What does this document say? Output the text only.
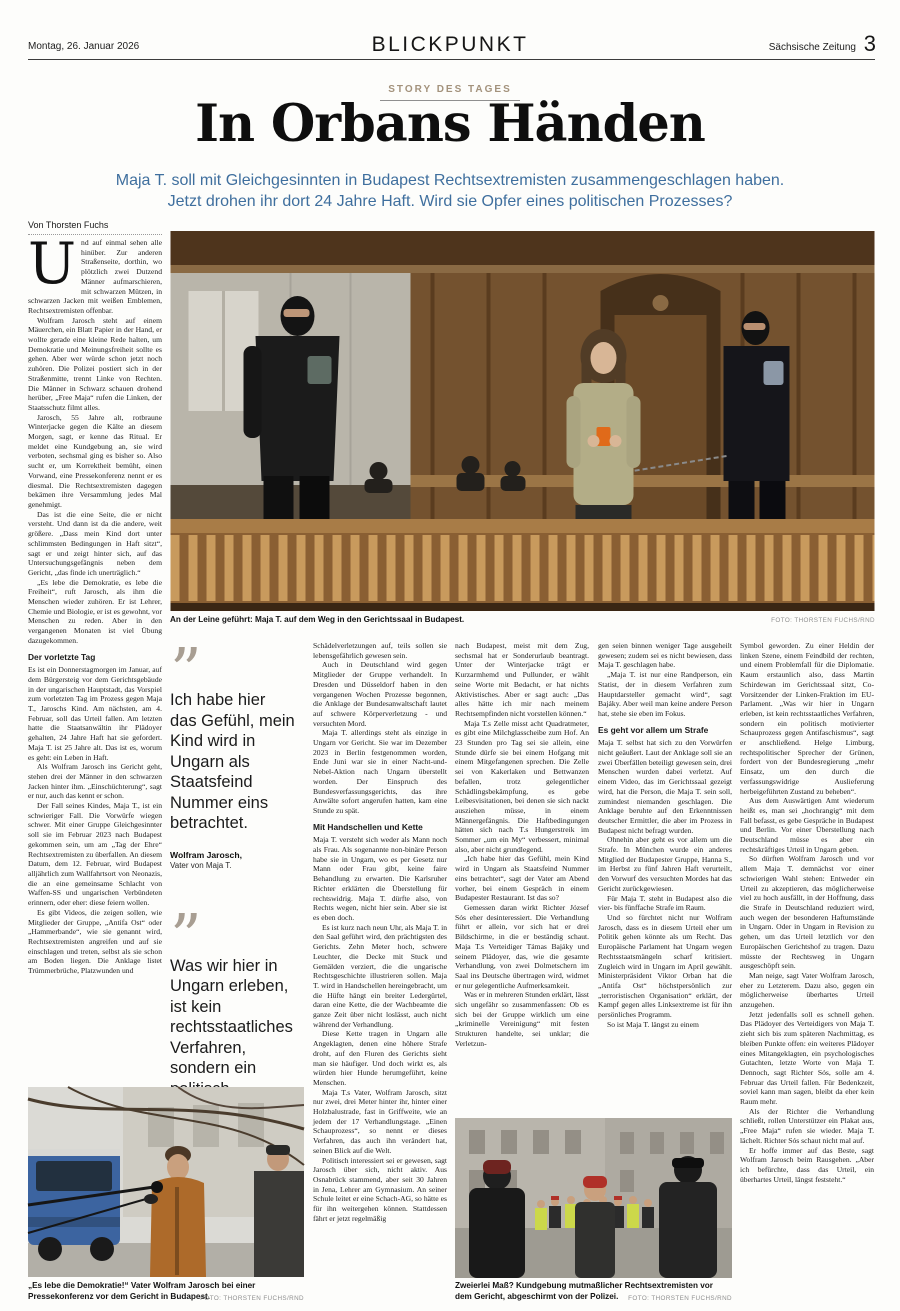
Montag, 26. Januar 2026	BLICKPUNKT	Sächsische Zeitung 3
STORY DES TAGES
In Orbans Händen
Maja T. soll mit Gleichgesinnten in Budapest Rechtsextremisten zusammengeschlagen haben.
Jetzt drohen ihr dort 24 Jahre Haft. Wird sie Opfer eines politischen Prozesses?
Von Thorsten Fuchs
An der Leine geführt: Maja T. auf dem Weg in den Gerichtssaal in Budapest.	FOTO: THORSTEN FUCHS/RND

Und auf einmal sehen alle hinüber. Zur anderen Straßenseite, dorthin, wo plötzlich zwei Dutzend Männer aufmarschieren, mit schwarzen Mützen, in schwarzen Jacken mit weißen Emblemen, Rechtsextremisten offenbar.

Wolfram Jarosch steht auf einem Mäuerchen, ein Blatt Papier in der Hand, er wollte gerade eine kleine Rede halten, um Demokratie und Meinungsfreiheit sollte es gehen. Aber wer würde schon jetzt noch zuhören. Die Polizei postiert sich in der Straßenmitte, trennt Linke von Rechten. Die Männer in Schwarz schauen drohend herüber, „Free Maja“ rufen die Linken, der Staatsschutz filmt alles.

Jarosch, 55 Jahre alt, rotbraune Winterjacke gegen die Kälte an diesem Morgen, sagt, er kenne das Ritual. Er meldet eine Kundgebung an, sie wird verboten, sechsmal ging es bisher so. Also sucht er, um Korrektheit bemüht, einen Vorwand, eine Pressekonferenz nennt er es diesmal. Die Rechtsextremisten dagegen bekämen ihre Versammlung jedes Mal genehmigt.

Das ist die eine Seite, die er nicht versteht. Und dann ist da die andere, weit größere. „Dass mein Kind dort unter schlimmsten Bedingungen in Haft sitzt“, sagt er und zeigt hinter sich, auf das Untersuchungsgefängnis neben dem Gericht, „das finde ich unerträglich.“

„Es lebe die Demokratie, es lebe die Freiheit“, ruft Jarosch, als ihm die Menschen wieder zuhören. Er ist Lehrer, Chemie und Biologie, er ist es gewohnt, vor Menschen zu reden. Aber in den vergangenen Monaten ist viel Übung dazugekommen.

Der vorletzte Tag

Es ist ein Donnerstagmorgen im Januar, auf dem Bürgersteig vor dem Gerichtsgebäude in der ungarischen Hauptstadt, das Vorspiel zum vorletzten Tag im Prozess gegen Maja T., Jaroschs Kind. Am nächsten, am 4. Februar, soll das Urteil fallen. Am letzten hatte die Staatsanwältin ihr Plädoyer gehalten, 24 Jahre Haft hat sie gefordert. Maja T. ist 25 Jahre alt. Das ist es, worum es geht: ein Leben in Haft.

Als Wolfram Jarosch ins Gericht geht, stehen drei der Männer in den schwarzen Jacken hinter ihm. „Einschüchterung“, sagt er nur, auch das kennt er schon.

Der Fall seines Kindes, Maja T., ist ein schwieriger Fall. Die Vorwürfe wiegen schwer. Mit einer Gruppe Gleichgesinnter soll sie im Februar 2023 nach Budapest gekommen sein, um am „Tag der Ehre“ Rechtsextremisten zu überfallen. An diesem Datum, dem 12. Februar, wird Budapest alljährlich zum Wallfahrtsort von Neonazis, die an eine gemeinsame Schlacht von Waffen-SS und ungarischen Verbündeten erinnern, oder eher: diese feiern wollen.

Es gibt Videos, die zeigen sollen, wie Mitglieder der Gruppe, „Antifa Ost“ oder „Hammerbande“, wie sie genannt wird, Rechtsextremisten angreifen und auf sie einschlagen und treten, selbst als sie schon am Boden liegen. Die Anklage listet Trümmerbrüche, Platzwunden und

”
Ich habe hier das Gefühl, mein Kind wird in Ungarn als Staatsfeind Nummer eins betrachtet.
Wolfram Jarosch,
Vater von Maja T.
”
Was wir hier in Ungarn erleben, ist kein rechtsstaatliches Verfahren, sondern ein

Schädelverletzungen auf, teils sollen sie lebensgefährlich gewesen sein.

Auch in Deutschland wird gegen Mitglieder der Gruppe verhandelt. In Dresden und Düsseldorf haben in den vergangenen Wochen Prozesse begonnen, die Anklage der Bundesanwaltschaft lautet auf schwere Körperverletzung - und versuchten Mord.

Maja T. allerdings steht als einzige in Ungarn vor Gericht. Sie war im Dezember 2023 in Berlin festgenommen worden, Ende Juni war sie in einer Nacht-und-Nebel-Aktion nach Ungarn überstellt worden. Der Einspruch des Bundesverfassungsgerichts, das ihre Anwälte sofort angerufen hatten, kam eine Stunde zu spät.

Mit Handschellen und Kette

Maja T. versteht sich weder als Mann noch als Frau. Als sogenannte non-binäre Person habe sie in Ungarn, wo es per Gesetz nur Mann oder Frau gibt, keine faire Behandlung zu erwarten. Die Karlsruher Richter erklärten die Überstellung für rechtswidrig. Maja T. dürfte also, von Rechts wegen, nicht hier sein. Aber sie ist es eben doch.

Es ist kurz nach neun Uhr, als Maja T. in den Saal geführt wird, den prächtigsten des Gerichts. Zehn Meter hoch, schwere Leuchter, die Decke mit Stuck und Gemälden verziert, die die ungarische Rechtsgeschichte illustrieren sollen. Maja T. wird in Handschellen hereingebracht, um die Hüfte hängt ein breiter Ledergürtel, daran eine Kette, die der Wachbeamte die ganze Zeit über nicht loslässt, auch nicht während der Verhandlung.

Diese Kette tragen in Ungarn alle Angeklagten, denen eine höhere Strafe droht, auf den Fluren des Gerichts sieht man sie häufiger. Und doch wirkt es, als würden hier Hunde herumgeführt, keine Menschen.

Maja T.s Vater, Wolfram Jarosch, sitzt nur zwei, drei Meter hinter ihr, hinter einer Holzbalustrade, fast in Griffweite, wie an jedem der 17 Verhandlungstage. „Einen Schauprozess“, so nennt er dieses Verfahren, das auch ihn verändert hat, seinen Blick auf die Welt.

Politisch interessiert sei er gewesen, sagt Jarosch über sich, nicht aktiv. Aus Osnabrück stammend, aber seit 30 Jahren in Jena, Lehrer am Gymnasium. An seiner Schule leitet er eine Schach-AG, so hätte es für ihn weitergehen können. Stattdessen fährt er jetzt regelmäßig

nach Budapest, meist mit dem Zug, sechsmal hat er Sonderurlaub beantragt. Unter der Winterjacke trägt er Kurzarmhemd und Pullunder, er wählt seine Worte mit Bedacht, er hat nichts Aktivistisches. Aber er sagt auch: „Das alles hätte ich mir nach meinem Rechtsempfinden nicht vorstellen können.“

Maja T.s Zelle misst acht Quadratmeter, es gibt eine Milchglasscheibe zum Hof. An 23 Stunden pro Tag sei sie allein, eine Stunde dürfe sie bei einem Hofgang mit einem Mitgefangenen sprechen. Die Zelle sei von Kakerlaken und Bettwanzen befallen, trotz gelegentlicher Schädlingsbekämpfung, es gebe Leibesvisitationen, bei denen sie sich nackt ausziehen müsse, in einem Männergefängnis. Die Haftbedingungen hätten sich nach T.s Hungerstreik im Sommer „um ein My“ verbessert, minimal also, aber nicht grundlegend.

„Ich habe hier das Gefühl, mein Kind wird in Ungarn als Staatsfeind Nummer eins betrachtet“, sagt der Vater am Abend vorher, bei einem Gespräch in einem Budapester Restaurant. Ist das so?

Gemessen daran wirkt Richter József Sós eher desinteressiert. Die Verhandlung führt er allein, vor sich hat er drei Bildschirme, in die er beständig schaut. Maja T.s Verteidiger Támas Bajáky und seinem Plädoyer, das, wie die gesamte Verhandlung, von zwei Dolmetschern im Saal ins Deutsche übertragen wird, widmet er nur gelegentliche Aufmerksamkeit.

Was er in mehreren Stunden erklärt, lässt sich ungefähr so zusammenfassen: Ob es sich bei der Gruppe wirklich um eine „kriminelle Vereinigung“ mit festen Strukturen handelte, sei unklar; die Verletzun-

gen seien binnen weniger Tage ausgeheilt gewesen; zudem sei es nicht bewiesen, dass Maja T. geschlagen habe.

„Maja T. ist nur eine Randperson, ein Statist, der in diesem Verfahren zum Hauptdarsteller gemacht wird“, sagt Bajáky. Aber weil man keine andere Person hat, stehe sie eben im Fokus.

Es geht vor allem um Strafe

Maja T. selbst hat sich zu den Vorwürfen nicht geäußert. Laut der Anklage soll sie an zwei Überfällen beteiligt gewesen sein, drei Menschen wurden dabei verletzt. Auf einem Video, das im Gerichtssaal gezeigt wird, hat die Person, die Maja T. sein soll, zumindest niemanden geschlagen. Die Anklage beruhte auf den Erkenntnissen deutscher Ermittler, die aber im Prozess in Budapest nicht befragt wurden.

Ohnehin aber geht es vor allem um die Strafe. In München wurde ein anderes Mitglied der Budapester Gruppe, Hanna S., im Herbst zu fünf Jahren Haft verurteilt, den Vorwurf des versuchten Mordes hat das Gericht zurückgewiesen.

Für Maja T. steht in Budapest also die vier- bis fünffache Strafe im Raum.

Und so fürchtet nicht nur Wolfram Jarosch, dass es in diesem Urteil eher um Politik gehen könnte als um Recht. Das Europäische Parlament hat Ungarn wegen Rechtsstaatsmängeln scharf kritisiert. Zugleich wird in Ungarn im April gewählt. Ministerpräsident Viktor Orban hat die „Antifa Ost“ höchstpersönlich zur „terroristischen Organisation“ erklärt, der Kampf gegen alles Linksextreme ist für ihn persönliches Programm.

So ist Maja T. längst zu einem

Symbol geworden. Zu einer Heldin der linken Szene, einem Feindbild der rechten, und einem Problemfall für die Diplomatie. Kaum erstaunlich also, dass Martin Schirdewan im Gerichtssaal sitzt, Co-Vorsitzender der Linken-Fraktion im EU-Parlament. „Was wir hier in Ungarn erleben, ist kein rechtsstaatliches Verfahren, sondern ein politisch motivierter Schauprozess gegen Antifaschismus“, sagt er anschließend. Helge Limburg, rechtspolitischer Sprecher der Grünen, fordert von der Bundesregierung „mehr Einsatz, um den durch die verfassungswidrige Auslieferung herbeigeführten Zustand zu beheben“.

Aus dem Auswärtigen Amt wiederum heißt es, man sei „hochrangig“ mit dem Fall befasst, es gebe Gespräche in Budapest und Berlin. Vor einer Überstellung nach Deutschland müsse es aber ein rechtskräftiges Urteil in Ungarn geben.

So dürften Wolfram Jarosch und vor allem Maja T. demnächst vor einer schwierigen Wahl stehen: Entweder ein Urteil zu akzeptieren, das möglicherweise viel zu hoch ausfällt, in der Hoffnung, dass die Strafe in Deutschland reduziert wird, auch wegen der besonderen Haftumstände in Ungarn. Oder in Ungarn in Revision zu gehen, um das Urteil letztlich vor den Europäischen Gerichtshof zu tragen. Dazu müsste der Rechtsweg in Ungarn ausgeschöpft sein.

Man neige, sagt Vater Wolfram Jarosch, eher zu Letzterem. Dazu also, gegen ein möglicherweise überhartes Urteil anzugehen.

Jetzt jedenfalls soll es schnell gehen. Das Plädoyer des Verteidigers von Maja T. zieht sich bis zum späteren Nachmittag, es bleiben Punkte offen: ein weiteres Plädoyer eines Mitangeklagten, ein psychologisches Gutachten, letzte Worte von Maja T. Dennoch, sagt Richter Sós, solle am 4. Februar das Urteil fallen. Für Bedenkzeit, soviel kann man sagen, bleibt da eher kein Raum mehr.

Als der Richter die Verhandlung schließt, rollen Unterstützer ein Plakat aus, „Free Maja“ rufen sie wieder. Maja T. lächelt. Richter Sós schaut nicht mal auf.

Er hoffe immer auf das Beste, sagt Wolfram Jarosch beim Rausgehen. „Aber ich befürchte, dass das Urteil, ein überhartes Urteil, längst feststeht.“

„Es lebe die Demokratie!“ Vater Wolfram Jarosch bei einer Pressekonferenz vor dem Gericht in Budapest.
FOTO: THORSTEN FUCHS/RND
Zweierlei Maß? Kundgebung mutmaßlicher Rechtsextremisten vor dem Gericht, abgeschirmt von der Polizei.	FOTO: THORSTEN FUCHS/RND
